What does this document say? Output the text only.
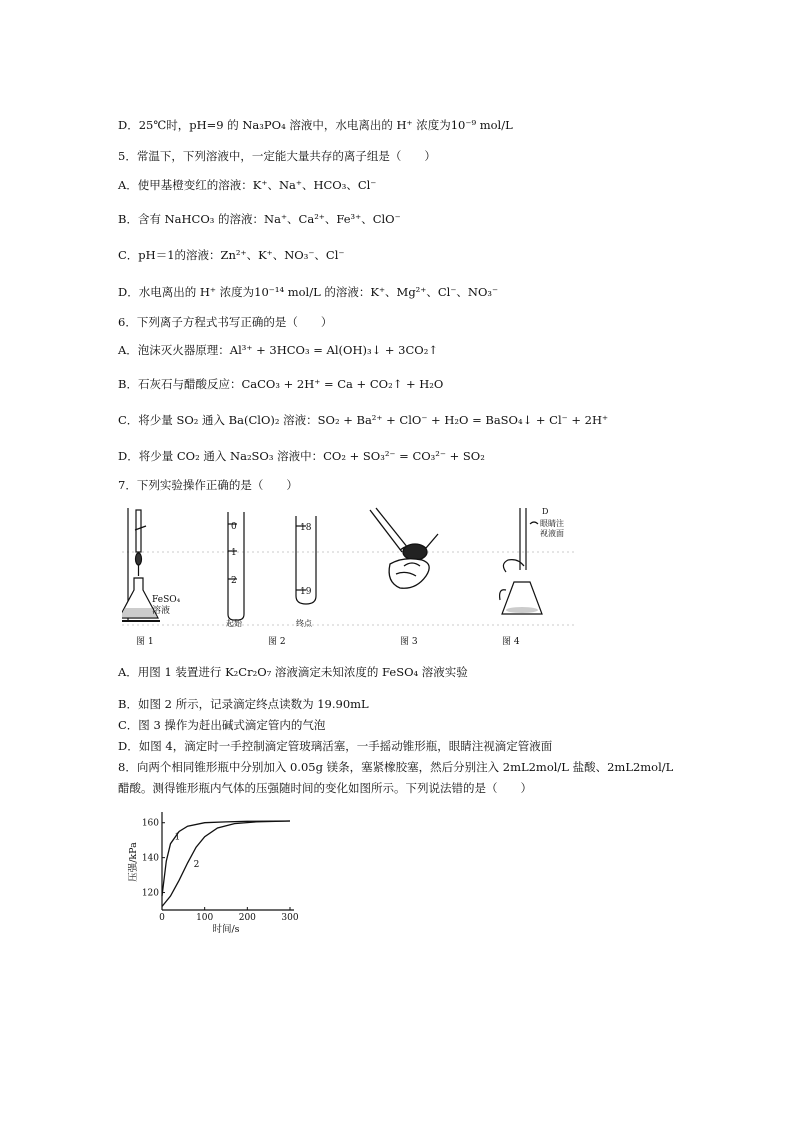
D．25℃时，pH=9 的 Na₃PO₄ 溶液中，水电离出的 H⁺ 浓度为10⁻⁹ mol/L
5．常温下，下列溶液中，一定能大量共存的离子组是（　　）
A．使甲基橙变红的溶液：K⁺、Na⁺、HCO₃、Cl⁻
B．含有 NaHCO₃ 的溶液：Na⁺、Ca²⁺、Fe³⁺、ClO⁻
C．pH＝1的溶液：Zn²⁺、K⁺、NO₃⁻、Cl⁻
D．水电离出的 H⁺ 浓度为10⁻¹⁴ mol/L 的溶液：K⁺、Mg²⁺、Cl⁻、NO₃⁻
6．下列离子方程式书写正确的是（　　）
A．泡沫灭火器原理：Al³⁺ + 3HCO₃ = Al(OH)₃↓ + 3CO₂↑
B．石灰石与醋酸反应：CaCO₃ + 2H⁺ = Ca + CO₂↑ + H₂O
C．将少量 SO₂ 通入 Ba(ClO)₂ 溶液：SO₂ + Ba²⁺ + ClO⁻ + H₂O = BaSO₄↓ + Cl⁻ + 2H⁺
D．将少量 CO₂ 通入 Na₂SO₃ 溶液中：CO₂ + SO₃²⁻ = CO₃²⁻ + SO₂
7．下列实验操作正确的是（　　）
FeSO₄
溶液
0
1
2
18
19
起始	终点
D
眼睛注
视液面
图 1	图 2	图 3	图 4
A．用图 1 装置进行 K₂Cr₂O₇ 溶液滴定未知浓度的 FeSO₄ 溶液实验
B．如图 2 所示，记录滴定终点读数为 19.90mL
C．图 3 操作为赶出碱式滴定管内的气泡
D．如图 4，滴定时一手控制滴定管玻璃活塞，一手摇动锥形瓶，眼睛注视滴定管液面
8．向两个相同锥形瓶中分别加入 0.05g 镁条，塞紧橡胶塞，然后分别注入 2mL2mol/L 盐酸、2mL2mol/L 醋酸。测得锥形瓶内气体的压强随时间的变化如图所示。下列说法错的是（　　）
0	100	200	300
120
140
160
时间/s
压强/kPa
1
2
